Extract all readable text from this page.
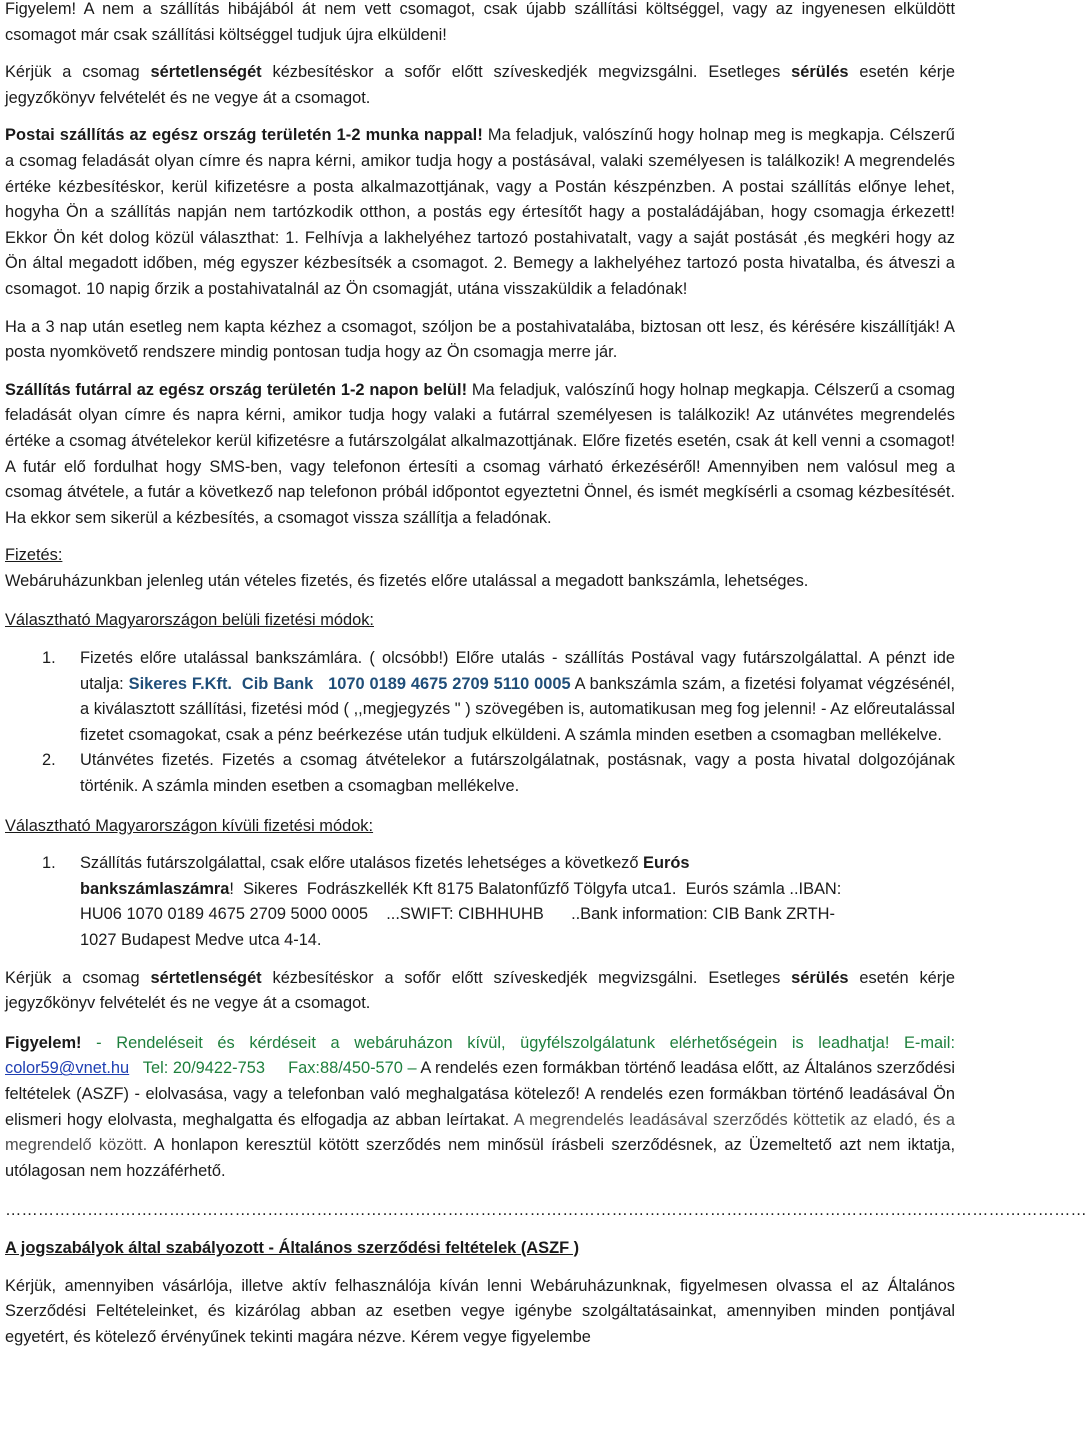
Figyelem! A nem a szállítás hibájából át nem vett csomagot, csak újabb szállítási költséggel, vagy az ingyenesen elküldött csomagot már csak szállítási költséggel tudjuk újra elküldeni!

Kérjük a csomag sértetlenségét kézbesítéskor a sofőr előtt szíveskedjék megvizsgálni. Esetleges sérülés esetén kérje jegyzőkönyv felvételét és ne vegye át a csomagot.

Postai szállítás az egész ország területén 1-2 munka nappal! Ma feladjuk, valószínű hogy holnap meg is megkapja. Célszerű a csomag feladását olyan címre és napra kérni, amikor tudja hogy a postásával, valaki személyesen is találkozik! A megrendelés értéke kézbesítéskor, kerül kifizetésre a posta alkalmazottjának, vagy a Postán készpénzben. A postai szállítás előnye lehet, hogyha Ön a szállítás napján nem tartózkodik otthon, a postás egy értesítőt hagy a postaládájában, hogy csomagja érkezett! Ekkor Ön két dolog közül választhat: 1. Felhívja a lakhelyéhez tartozó postahivatalt, vagy a saját postását ,és megkéri hogy az Ön által megadott időben, még egyszer kézbesítsék a csomagot. 2. Bemegy a lakhelyéhez tartozó posta hivatalba, és átveszi a csomagot. 10 napig őrzik a postahivatalnál az Ön csomagját, utána visszaküldik a feladónak!

Ha a 3 nap után esetleg nem kapta kézhez a csomagot, szóljon be a postahivatalába, biztosan ott lesz, és kérésére kiszállítják! A posta nyomkövető rendszere mindig pontosan tudja hogy az Ön csomagja merre jár.

Szállítás futárral az egész ország területén 1-2 napon belül! Ma feladjuk, valószínű hogy holnap megkapja. Célszerű a csomag feladását olyan címre és napra kérni, amikor tudja hogy valaki a futárral személyesen is találkozik! Az utánvétes megrendelés értéke a csomag átvételekor kerül kifizetésre a futárszolgálat alkalmazottjának. Előre fizetés esetén, csak át kell venni a csomagot! A futár elő fordulhat hogy SMS-ben, vagy telefonon értesíti a csomag várható érkezéséről! Amennyiben nem valósul meg a csomag átvétele, a futár a következő nap telefonon próbál időpontot egyeztetni Önnel, és ismét megkísérli a csomag kézbesítését. Ha ekkor sem sikerül a kézbesítés, a csomagot vissza szállítja a feladónak.

Fizetés:

Webáruházunkban jelenleg után vételes fizetés, és fizetés előre utalással a megadott bankszámla, lehetséges.

Választható Magyarországon belüli fizetési módok:

1. Fizetés előre utalással bankszámlára. ( olcsóbb!) Előre utalás - szállítás Postával vagy futárszolgálattal. A pénzt ide utalja: Sikeres F.Kft. Cib Bank 1070 0189 4675 2709 5110 0005 A bankszámla szám, a fizetési folyamat végzésénél, a kiválasztott szállítási, fizetési mód ( ,,megjegyzés " ) szövegében is, automatikusan meg fog jelenni! - Az előreutalással fizetet csomagokat, csak a pénz beérkezése után tudjuk elküldeni. A számla minden esetben a csomagban mellékelve.
2. Utánvétes fizetés. Fizetés a csomag átvételekor a futárszolgálatnak, postásnak, vagy a posta hivatal dolgozójának történik. A számla minden esetben a csomagban mellékelve.

Választható Magyarországon kívüli fizetési módok:

1. Szállítás futárszolgálattal, csak előre utalásos fizetés lehetséges a következő Eurós
bankszámlaszámra!  Sikeres  Fodrászkellék Kft 8175 Balatonfűzfő Tölgyfa utca1.  Eurós számla ..IBAN:
HU06 1070 0189 4675 2709 5000 0005    ...SWIFT: CIBHHUHB      ..Bank information: CIB Bank ZRTH-
1027 Budapest Medve utca 4-14.

Kérjük a csomag sértetlenségét kézbesítéskor a sofőr előtt szíveskedjék megvizsgálni. Esetleges sérülés esetén kérje jegyzőkönyv felvételét és ne vegye át a csomagot.

Figyelem! - Rendeléseit és kérdéseit a webáruházon kívül, ügyfélszolgálatunk elérhetőségein is leadhatja! E-mail: color59@vnet.hu   Tel: 20/9422-753     Fax:88/450-570 – A rendelés ezen formákban történő leadása előtt, az Általános szerződési feltételek (ASZF) - elolvasása, vagy a telefonban való meghalgatása kötelező! A rendelés ezen formákban történő leadásával Ön elismeri hogy elolvasta, meghalgatta és elfogadja az abban leírtakat. A megrendelés leadásával szerződés köttetik az eladó, és a megrendelő között. A honlapon keresztül kötött szerződés nem minősül írásbeli szerződésnek, az Üzemeltető azt nem iktatja, utólagosan nem hozzáférhető.

………………………………………………………………………………………………………………………………………………………………………………

A jogszabályok által szabályozott - Általános szerződési feltételek (ASZF )

Kérjük, amennyiben vásárlója, illetve aktív felhasználója kíván lenni Webáruházunknak, figyelmesen olvassa el az Általános Szerződési Feltételeinket, és kizárólag abban az esetben vegye igénybe szolgáltatásainkat, amennyiben minden pontjával egyetért, és kötelező érvényűnek tekinti magára nézve. Kérem vegye figyelembe
